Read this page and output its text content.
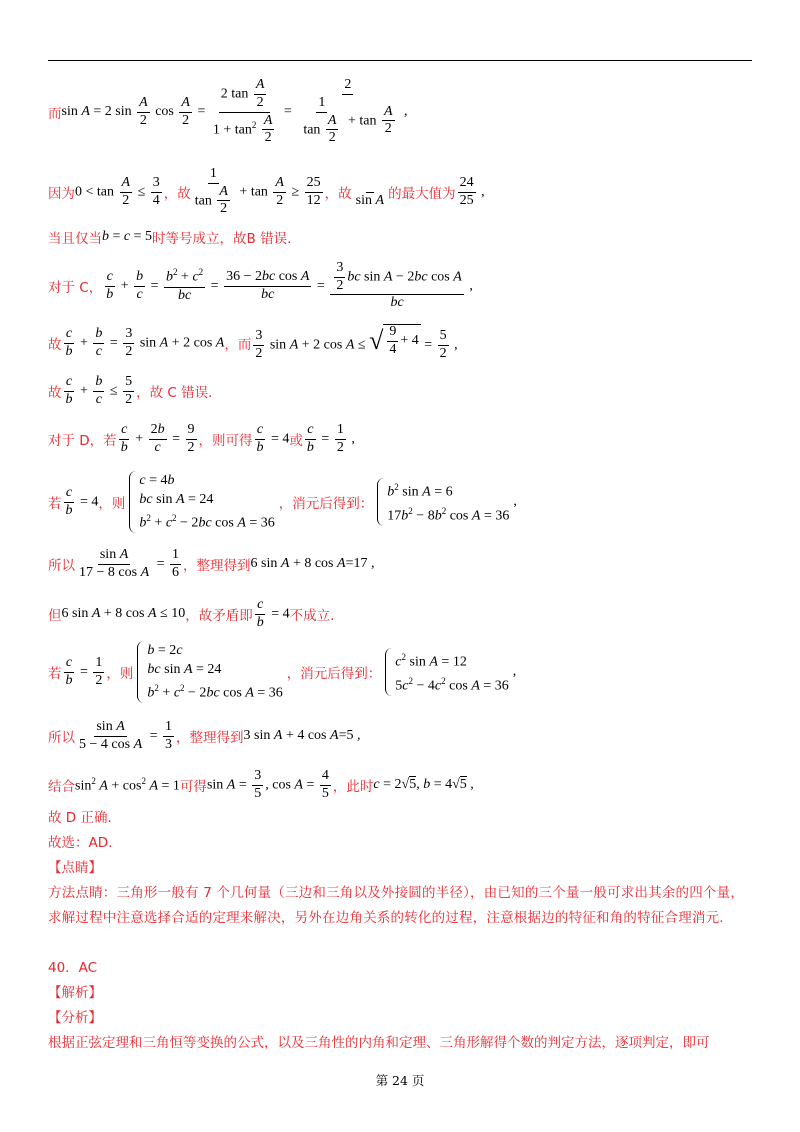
而 sin A = 2 $\sin \frac{A}{2}$ $\cos \frac{A}{2} = \frac{2 \tan \frac{A}{2}}{1 + \tan^2 \frac{A}{2}} = \frac{2}{\frac{1}{\tan \frac{A}{2}} + \tan \frac{A}{2}}$ ,
因为 $0 < \tan \frac{A}{2} \le \frac{3}{4}$ ，故 $\frac{1}{\tan \frac{A}{2}} + \tan \frac{A}{2} \ge \frac{25}{12}$ ，故
sin A 的最大值为 $\frac{24}{25}$ ,
当且仅当 b = c = 5 时等号成立，故 B 错误.
对于 C， $\frac{c}{b} + \frac{b}{c} = \frac{b^2 + c^2}{bc} = \frac{\text{36 − 2bc cos A}}{bc} = \frac{\frac{3}{2} bc \sin A - 2bc \cos A}{bc}$ ,
故 $\frac{c}{b} + \frac{b}{c} = \frac{3}{2}$ sin A + 2 cos A ，而 $\frac{3}{2}$ sin A + 2 cos A ≤ √ $\frac{9}{4} + 4 = \frac{5}{2}$ ,
故 $\frac{c}{b} + \frac{b}{c} \le \frac{5}{2}$ ，故 C 错误.
对于 D，若 $\frac{c}{b} + \frac{2b}{c} = \frac{9}{2}$ ，则可得 $\frac{c}{b} = 4$ 或 $\frac{c}{b} = \frac{1}{2}$ ,
若 $\frac{c}{b} = 4$ ，则
c = 4b
bc sin A = 24
$b^2 + c^2 - 2bc$ cos A = 36
，消元后得到：
$b^2$ sin A = 6
$17b^2 - 8b^2$ cos A = 36
,
所以 $\frac{\text{sin A}}{\text{17 − 8 cos A}} = \frac{1}{6}$ ，整理得到 6 sin A + 8 cos A=17 ,
但 6 sin A + 8 cos A ≤ 10 ，故矛盾即 $\frac{c}{b} = 4$ 不成立.
若 $\frac{c}{b} = \frac{1}{2}$ ，则
b = 2c
bc sin A = 24
$b^2 + c^2 - 2bc$ cos A = 36
，消元后得到：
$c^2$ sin A = 12
$5c^2 - 4c^2$ cos A = 36
,
所以 $\frac{\text{sin A}}{\text{5 − 4 cos A}} = \frac{1}{3}$ ，整理得到 3 sin A + 4 cos A=5 ,
结合 $\sin^2 A + \cos^2 A = 1$ 可得 $\sin A = \frac{3}{5}$ , $\cos A = \frac{4}{5}$ ，此时 c = 2√5, b = 4√5 ,
故 D 正确.
故选：AD.
【点睛】
方法点睛：三角形一般有 7 个几何量（三边和三角以及外接圆的半径），由已知的三个量一般可求出其余的四个量，求解过程中注意选择合适的定理来解决，另外在边角关系的转化的过程，注意根据边的特征和角的特征合理消元.
40．AC
【解析】
【分析】
根据正弦定理和三角恒等变换的公式，以及三角性的内角和定理、三角形解得个数的判定方法，逐项判定，即可
第 24 页
